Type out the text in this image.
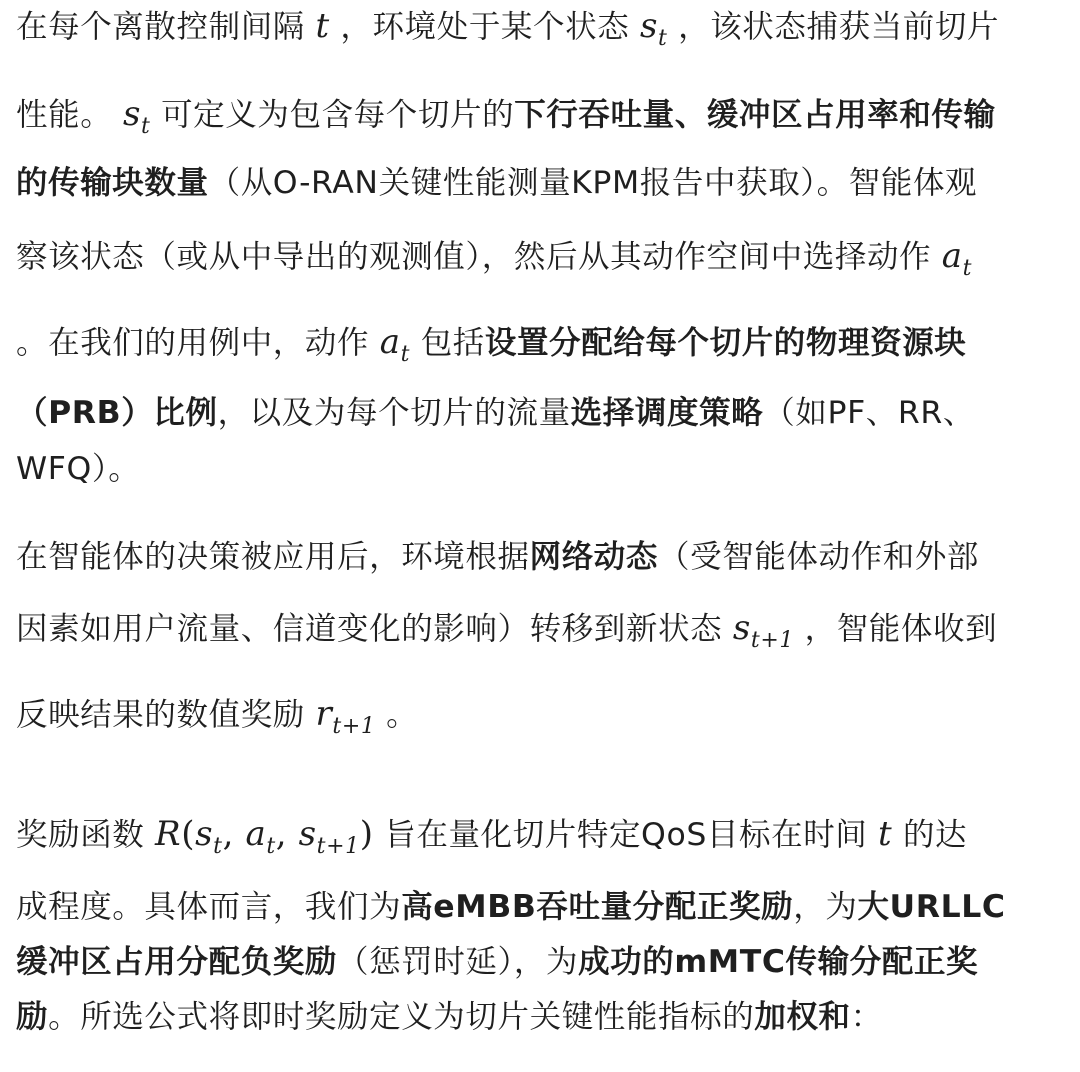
在每个离散控制间隔 t ，环境处于某个状态 $s_t$ ，该状态捕获当前切片
性能。 $s_t$ 可定义为包含每个切片的下行吞吐量、缓冲区占用率和传输
的传输块数量（从O-RAN关键性能测量KPM报告中获取）。智能体观
察该状态（或从中导出的观测值），然后从其动作空间中选择动作 $a_t$
。在我们的用例中，动作 $a_t$ 包括设置分配给每个切片的物理资源块
（PRB）比例，以及为每个切片的流量选择调度策略（如PF、RR、
WFQ）。
在智能体的决策被应用后，环境根据网络动态（受智能体动作和外部
因素如用户流量、信道变化的影响）转移到新状态 $s_{t+1}$ ，智能体收到
反映结果的数值奖励 $r_{t+1}$ 。
奖励函数 $R(s_t$, $a_t$, $s_{t+1}$) 旨在量化切片特定QoS目标在时间 t 的达
成程度。具体而言，我们为高eMBB吞吐量分配正奖励，为大URLLC
缓冲区占用分配负奖励（惩罚时延），为成功的mMTC传输分配正奖
励。所选公式将即时奖励定义为切片关键性能指标的加权和：
